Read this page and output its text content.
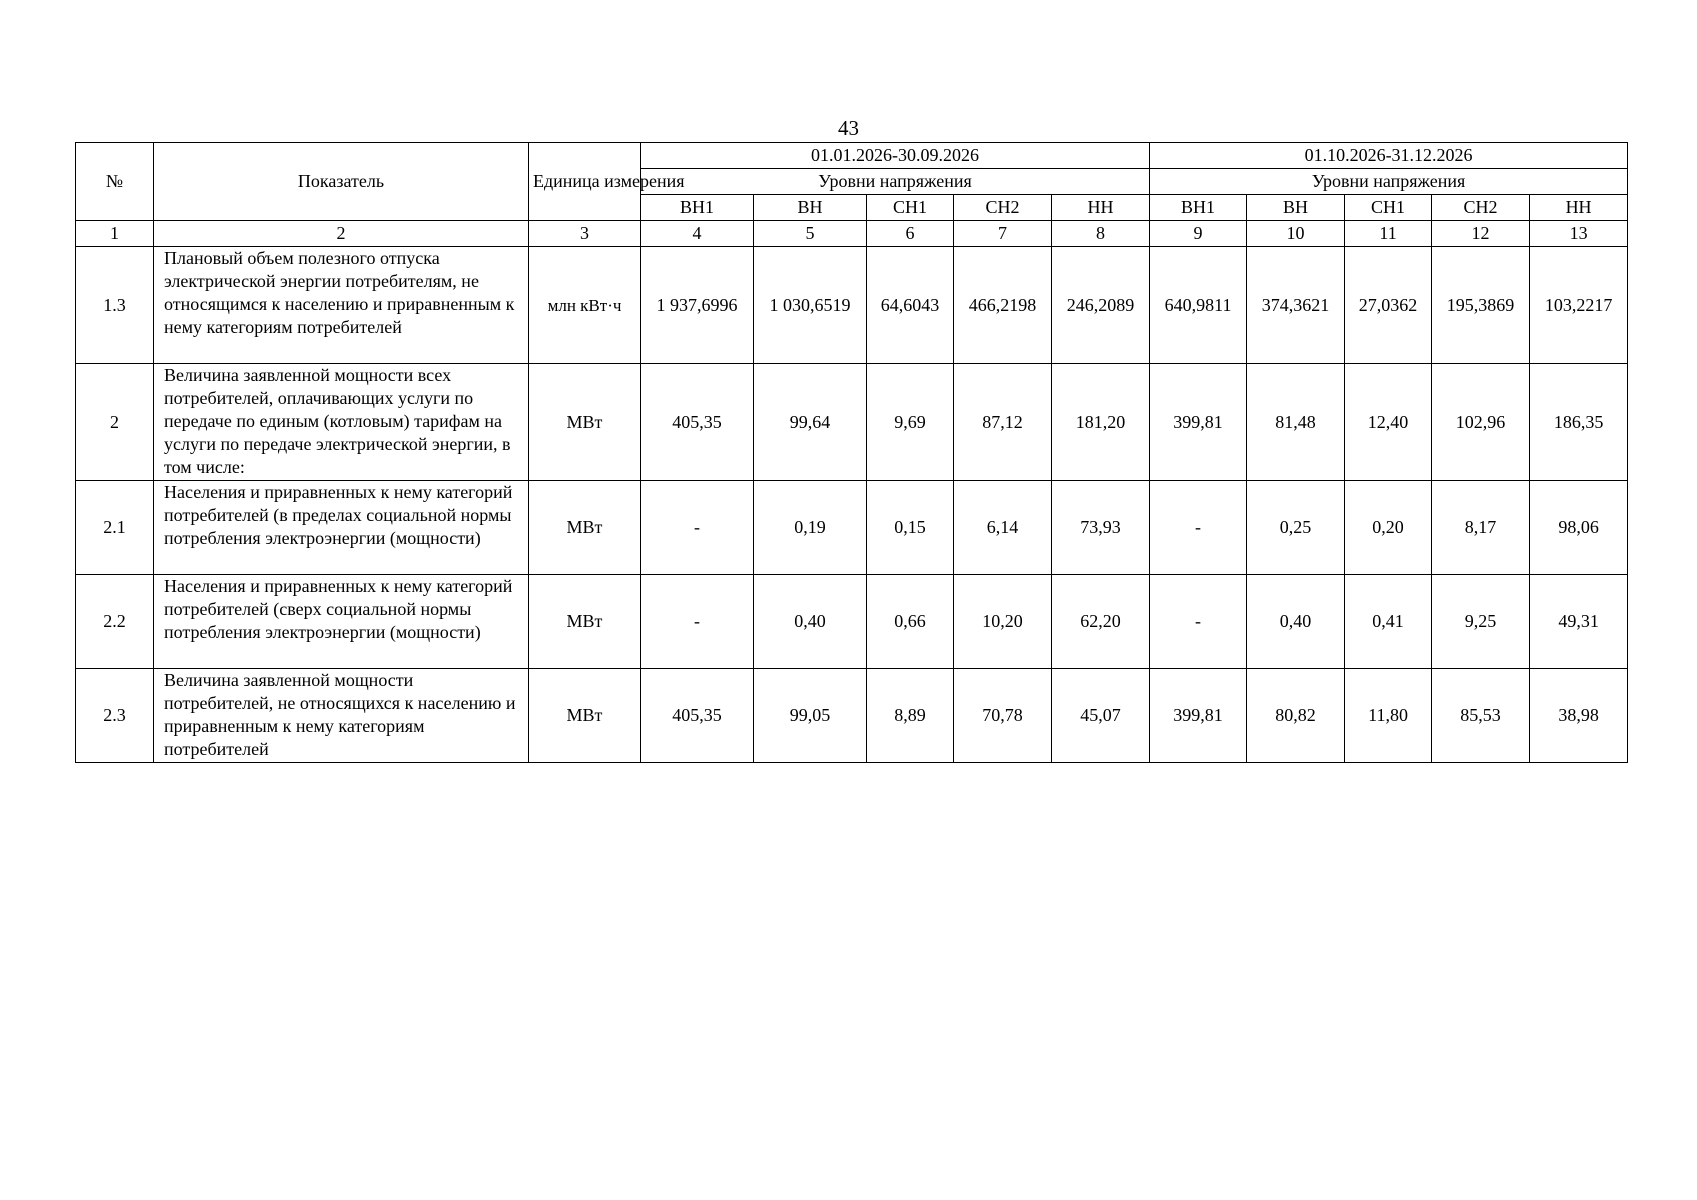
43
№	Показатель	Единица измерения	01.01.2026-30.09.2026					01.10.2026-31.12.2026				
			Уровни напряжения					Уровни напряжения				
			ВН1	ВН	СН1	СН2	НН	ВН1	ВН	СН1	СН2	НН
1	2	3	4	5	6	7	8	9	10	11	12	13
1.3	Плановый объем полезного отпуска электрической энергии потребителям, не относящимся к населению и приравненным к нему категориям потребителей	млн кВт·ч	1 937,6996	1 030,6519	64,6043	466,2198	246,2089	640,9811	374,3621	27,0362	195,3869	103,2217
2	Величина заявленной мощности всех потребителей, оплачивающих услуги по передаче по единым (котловым) тарифам на услуги по передаче электрической энергии, в том числе:	МВт	405,35	99,64	9,69	87,12	181,20	399,81	81,48	12,40	102,96	186,35
2.1	Населения и приравненных к нему категорий потребителей (в пределах социальной нормы потребления электроэнергии (мощности)	МВт	-	0,19	0,15	6,14	73,93	-	0,25	0,20	8,17	98,06
2.2	Населения и приравненных к нему категорий потребителей (сверх социальной нормы потребления электроэнергии (мощности)	МВт	-	0,40	0,66	10,20	62,20	-	0,40	0,41	9,25	49,31
2.3	Величина заявленной мощности потребителей, не относящихся к населению и приравненным к нему категориям потребителей	МВт	405,35	99,05	8,89	70,78	45,07	399,81	80,82	11,80	85,53	38,98
